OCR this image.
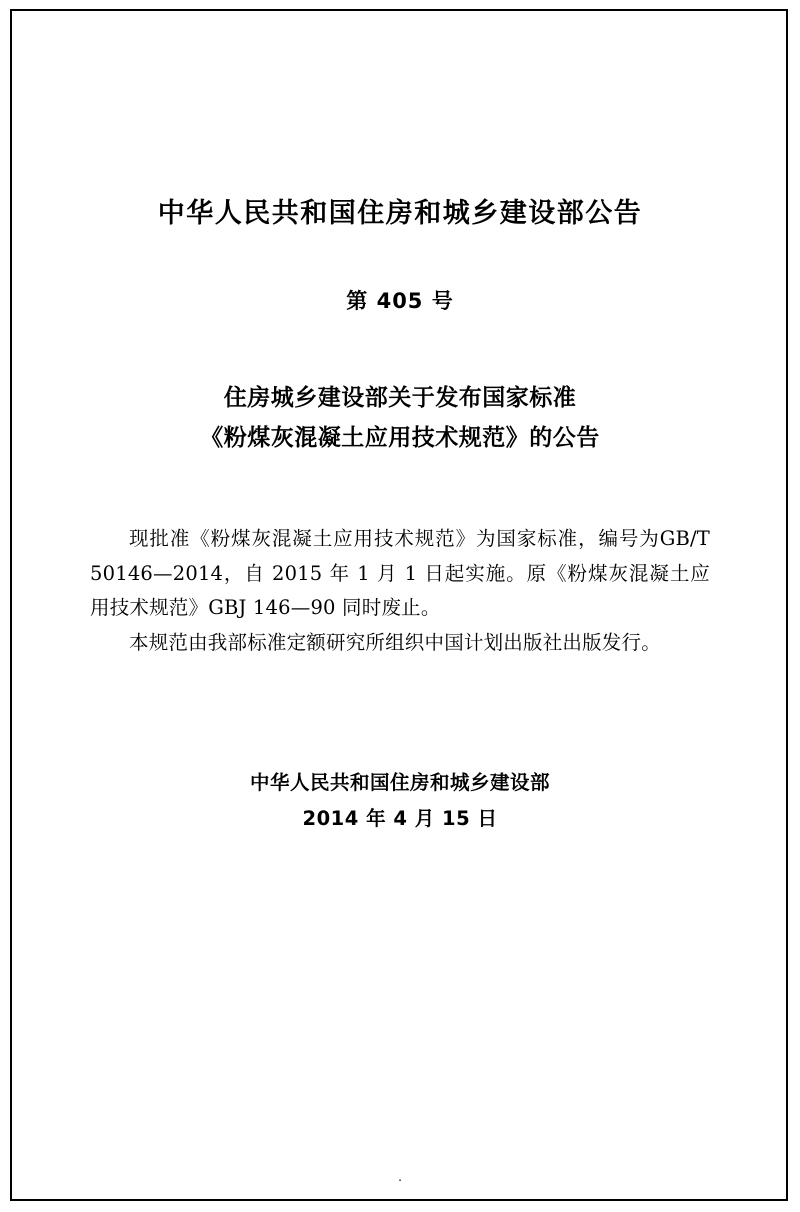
中华人民共和国住房和城乡建设部公告
第 405 号
住房城乡建设部关于发布国家标准
《粉煤灰混凝土应用技术规范》的公告

现批准《粉煤灰混凝土应用技术规范》为国家标准，编号为GB/T 50146—2014，自 2015 年 1 月 1 日起实施。原《粉煤灰混凝土应用技术规范》GBJ 146—90 同时废止。

本规范由我部标准定额研究所组织中国计划出版社出版发行。

中华人民共和国住房和城乡建设部
2014 年 4 月 15 日
.
